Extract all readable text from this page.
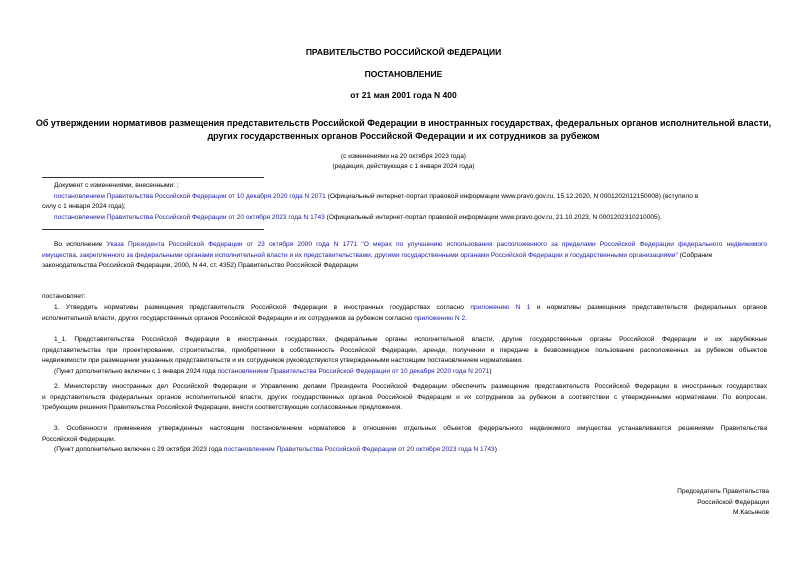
ПРАВИТЕЛЬСТВО РОССИЙСКОЙ ФЕДЕРАЦИИ
ПОСТАНОВЛЕНИЕ
от 21 мая 2001 года N 400
Об утверждении нормативов размещения представительств Российской Федерации в иностранных государствах, федеральных органов исполнительной власти,
других государственных органов Российской Федерации и их сотрудников за рубежом
(с изменениями на 20 октября 2023 года)
(редакция, действующая с 1 января 2024 года)
Документ с изменениями, внесенными: ;
постановлением Правительства Российской Федерации от 10 декабря 2020 года N 2071 (Официальный интернет-портал правовой информации www.pravo.gov.ru, 15.12.2020, N 0001202012150008) (вступило в
силу с 1 января 2024 года);
постановлением Правительства Российской Федерации от 20 октября 2023 года N 1743 (Официальный интернет-портал правовой информации www.pravo.gov.ru, 21.10.2023, N 0001202310210005).
Во исполнение Указа Президента Российской Федерации от 23 октября 2000 года N 1771 "О мерах по улучшению использования расположенного за пределами Российской Федерации федерального недвижимого
имущества, закрепленного за федеральными органами исполнительной власти и их представительствами, другими государственными органами Российской Федерации и государственными организациями" (Собрание
законодательства Российской Федерации, 2000, N 44, ст. 4352) Правительство Российской Федерации
постановляет:
1. Утвердить нормативы размещения представительств Российской Федерации в иностранных государствах согласно приложению N 1 и нормативы размещения представительств федеральных органов
исполнительной власти, других государственных органов Российской Федерации и их сотрудников за рубежом согласно приложению N 2.
1_1. Представительства Российской Федерации в иностранных государствах, федеральные органы исполнительной власти, другие государственные органы Российской Федерации и их зарубежные
представительства при проектировании, строительстве, приобретении в собственность Российской Федерации, аренде, получении и передаче в безвозмездное пользование расположенных за рубежом объектов
недвижимости при размещении указанных представительств и их сотрудников руководствуются утвержденными настоящим постановлением нормативами.
(Пункт дополнительно включен с 1 января 2024 года постановлением Правительства Российской Федерации от 10 декабря 2020 года N 2071)
2. Министерству иностранных дел Российской Федерации и Управлению делами Президента Российской Федерации обеспечить размещение представительств Российской Федерации в иностранных государствах
и представительств федеральных органов исполнительной власти, других государственных органов Российской Федерации и их сотрудников за рубежом в соответствии с утвержденными нормативами. По вопросам,
требующим решения Правительства Российской Федерации, внести соответствующие согласованные предложения.
3. Особенности применения утвержденных настоящим постановлением нормативов в отношении отдельных объектов федерального недвижимого имущества устанавливаются решениями Правительства
Российской Федерации.
(Пункт дополнительно включен с 29 октября 2023 года постановлением Правительства Российской Федерации от 20 октября 2023 года N 1743)
Председатель Правительства
Российской Федерации
М.Касьянов
